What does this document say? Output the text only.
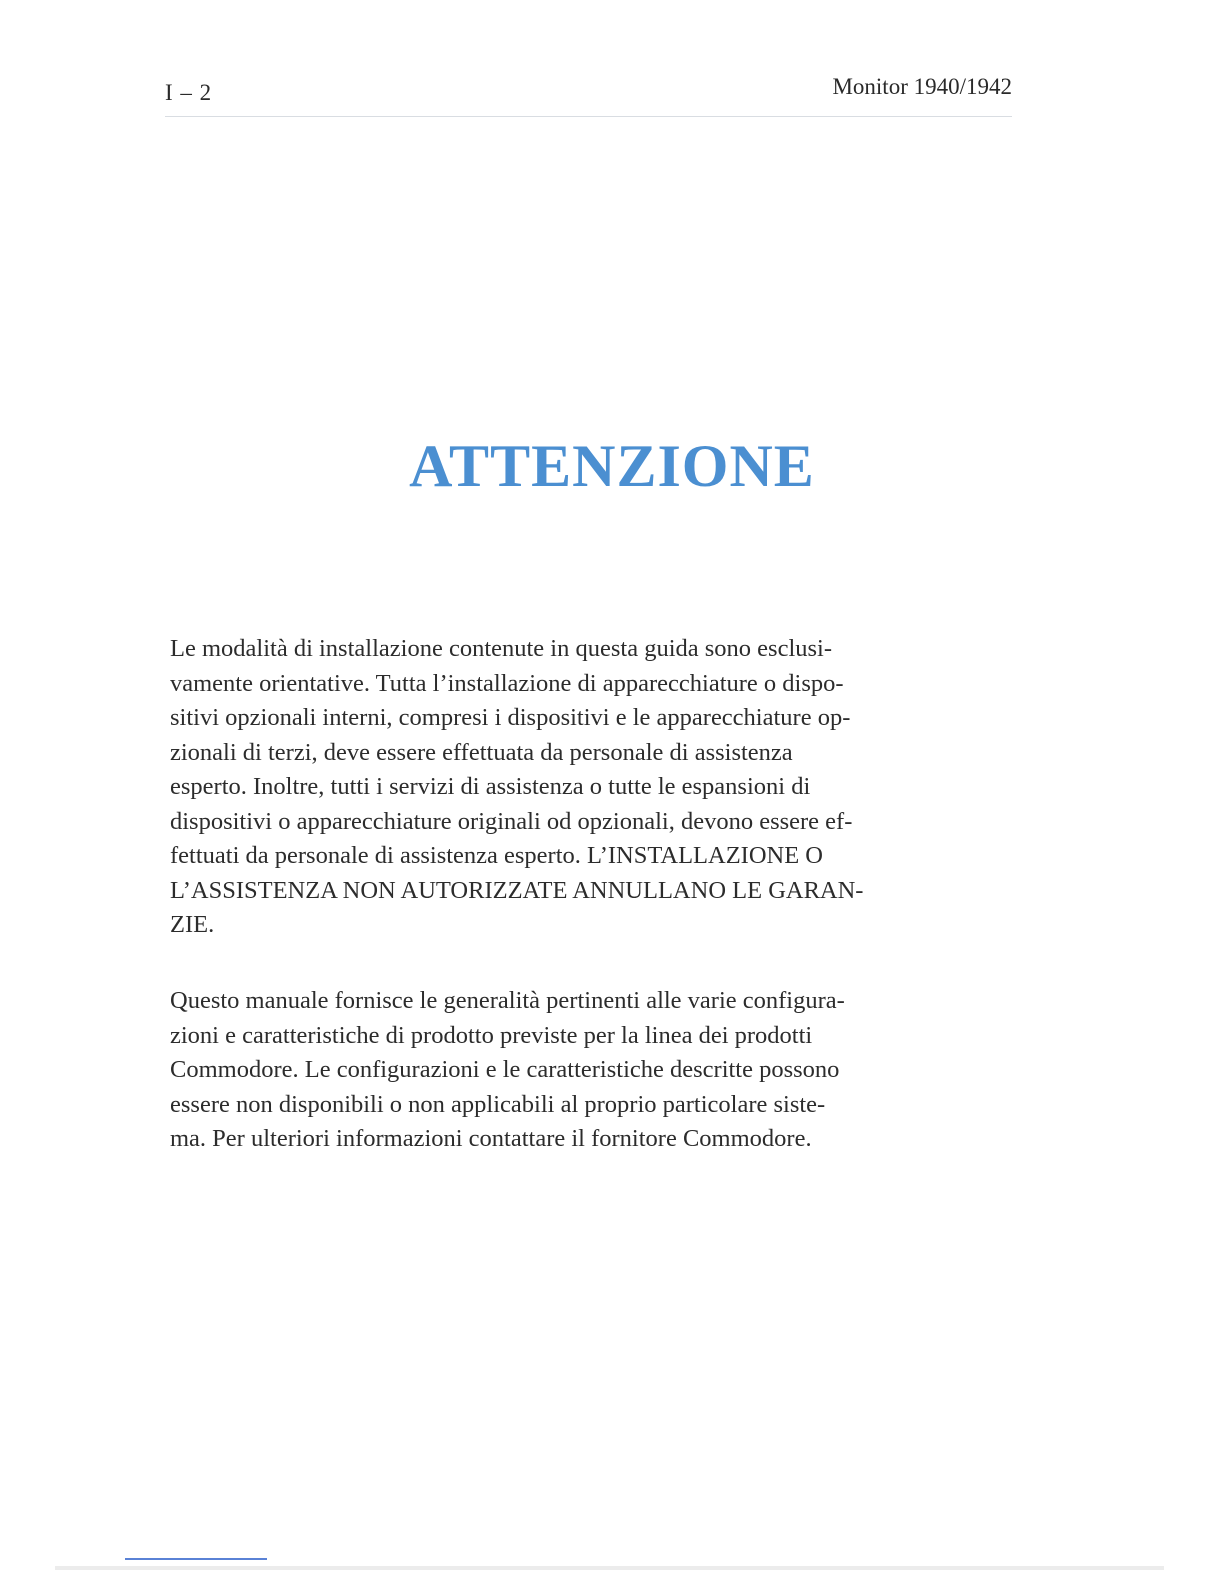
I – 2	Monitor 1940/1942
ATTENZIONE

Le modalità di installazione contenute in questa guida sono esclusi-
vamente orientative. Tutta l’installazione di apparecchiature o dispo-
sitivi opzionali interni, compresi i dispositivi e le apparecchiature op-
zionali di terzi, deve essere effettuata da personale di assistenza
esperto. Inoltre, tutti i servizi di assistenza o tutte le espansioni di
dispositivi o apparecchiature originali od opzionali, devono essere ef-
fettuati da personale di assistenza esperto. L’INSTALLAZIONE O
L’ASSISTENZA NON AUTORIZZATE ANNULLANO LE GARAN-
ZIE.

Questo manuale fornisce le generalità pertinenti alle varie configura-
zioni e caratteristiche di prodotto previste per la linea dei prodotti
Commodore. Le configurazioni e le caratteristiche descritte possono
essere non disponibili o non applicabili al proprio particolare siste-
ma. Per ulteriori informazioni contattare il fornitore Commodore.
